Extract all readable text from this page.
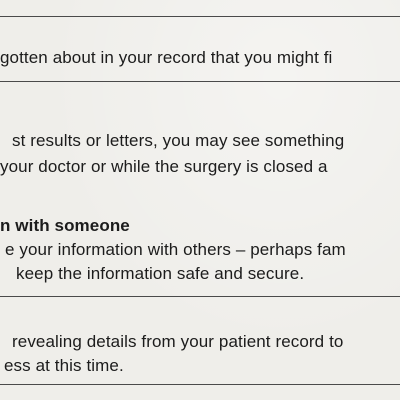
gotten about in your record that you might fi
st results or letters, you may see something
your doctor or while the surgery is closed a
n with someone
e your information with others – perhaps fam
keep the information safe and secure.
revealing details from your patient record to
ess at this time.
